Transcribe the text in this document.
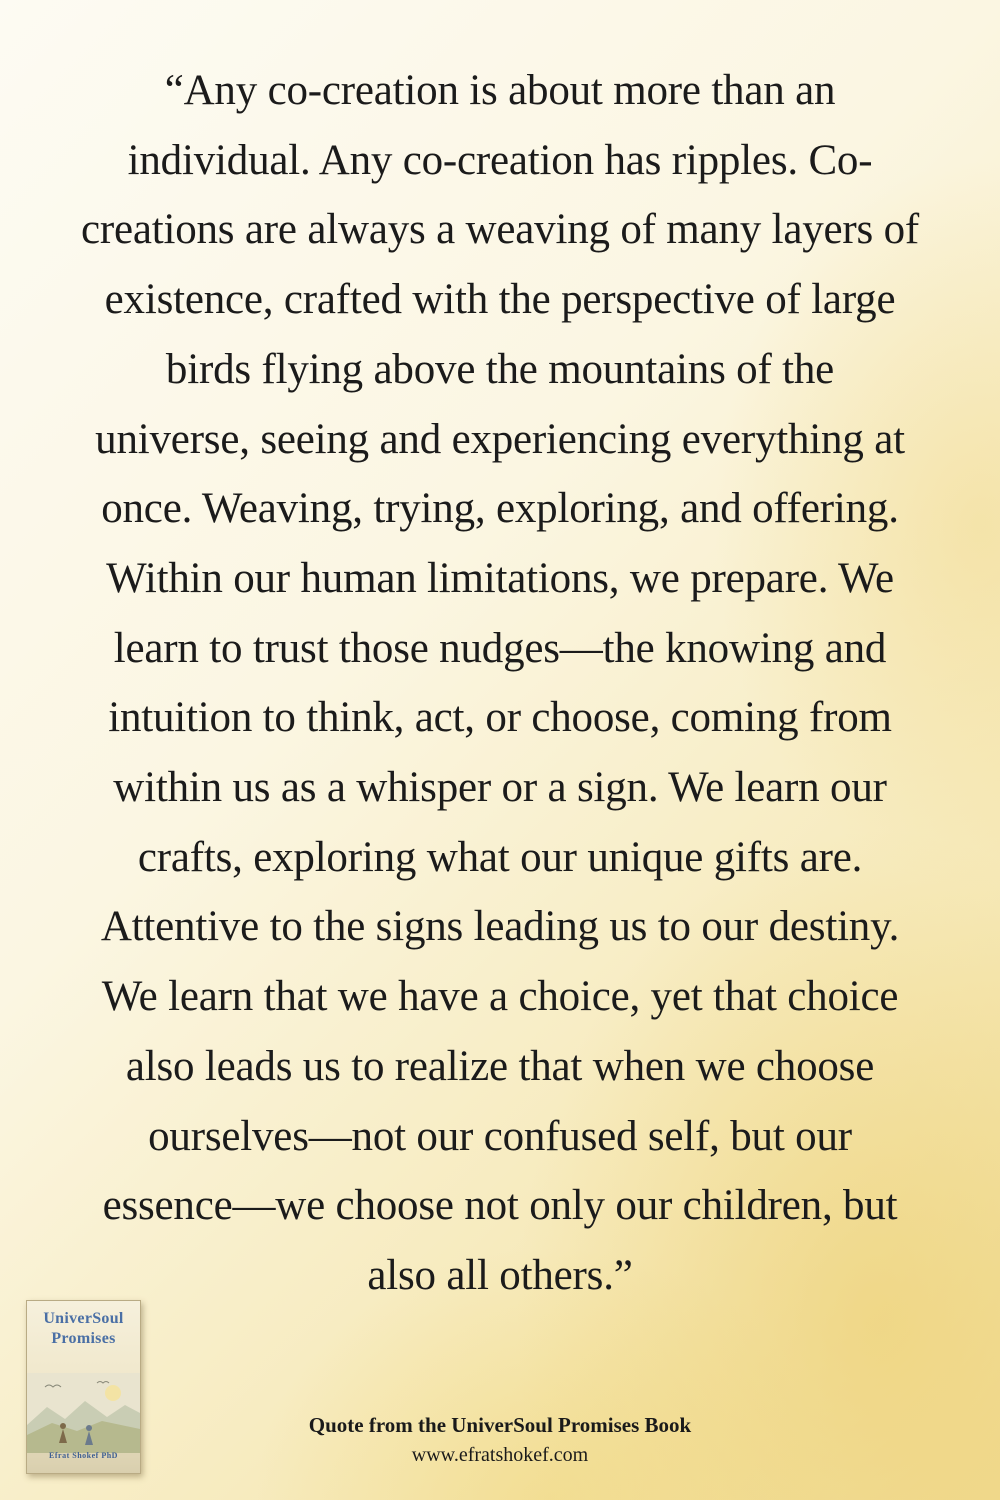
“Any co-creation is about more than an
individual. Any co-creation has ripples. Co-
creations are always a weaving of many layers of
existence, crafted with the perspective of large
birds flying above the mountains of the
universe, seeing and experiencing everything at
once. Weaving, trying, exploring, and offering.
Within our human limitations, we prepare. We
learn to trust those nudges—the knowing and
intuition to think, act, or choose, coming from
within us as a whisper or a sign. We learn our
crafts, exploring what our unique gifts are.
Attentive to the signs leading us to our destiny.
We learn that we have a choice, yet that choice
also leads us to realize that when we choose
ourselves—not our confused self, but our
essence—we choose not only our children, but
also all others.”

UniverSoul
Promises
Efrat Shokef PhD
Quote from the UniverSoul Promises Book
www.efratshokef.com
